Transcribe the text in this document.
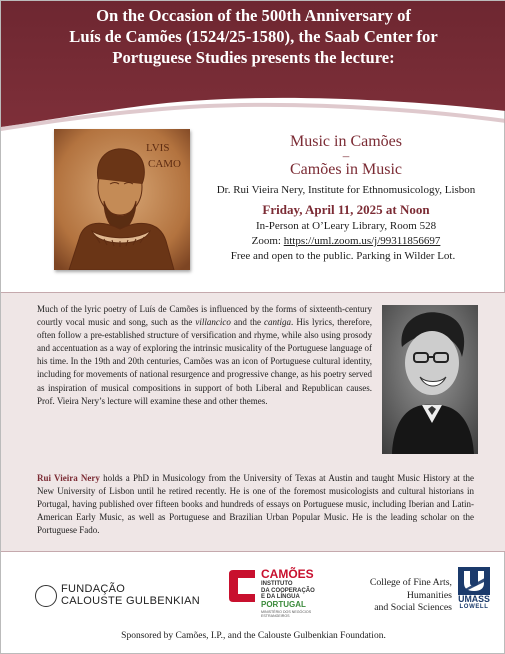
On the Occasion of the 500th Anniversary of
Luís de Camões (1524/25-1580), the Saab Center for
Portuguese Studies presents the lecture:
LVIS
CAMO
Music in Camões
–
Camões in Music
Dr. Rui Vieira Nery, Institute for Ethnomusicology, Lisbon
Friday, April 11, 2025 at Noon
In-Person at O’Leary Library, Room 528
Zoom: https://uml.zoom.us/j/99311856697
Free and open to the public. Parking in Wilder Lot.
Much of the lyric poetry of Luís de Camões is influenced by the forms of sixteenth-century courtly vocal music and song, such as the villancico and the cantiga. His lyrics, therefore, often follow a pre-established structure of versification and rhyme, while also using prosody and accentuation as a way of exploring the intrinsic musicality of the Portuguese language of his time. In the 19th and 20th centuries, Camões was an icon of Portuguese cultural identity, including for movements of national resurgence and progressive change, as his poetry served as inspiration of musical compositions in support of both Liberal and Republican causes. Prof. Vieira Nery’s lecture will examine these and other themes.
Rui Vieira Nery holds a PhD in Musicology from the University of Texas at Austin and taught Music History at the New University of Lisbon until he retired recently. He is one of the foremost musicologists and cultural historians in Portugal, having published over fifteen books and hundreds of essays on Portuguese music, including Iberian and Latin-American Early Music, as well as Portuguese and Brazilian Urban Popular Music. He is the leading scholar on the Portuguese Fado.
FUNDAÇÃO
CALOUSTE GULBENKIAN
CAMÕES
INSTITUTO
DA COOPERAÇÃO
E DA LÍNGUA
PORTUGAL
MINISTÉRIO DOS NEGÓCIOS ESTRANGEIROS
College of Fine Arts,
Humanities
and Social Sciences
UMASS
LOWELL
Sponsored by Camões, I.P., and the Calouste Gulbenkian Foundation.
